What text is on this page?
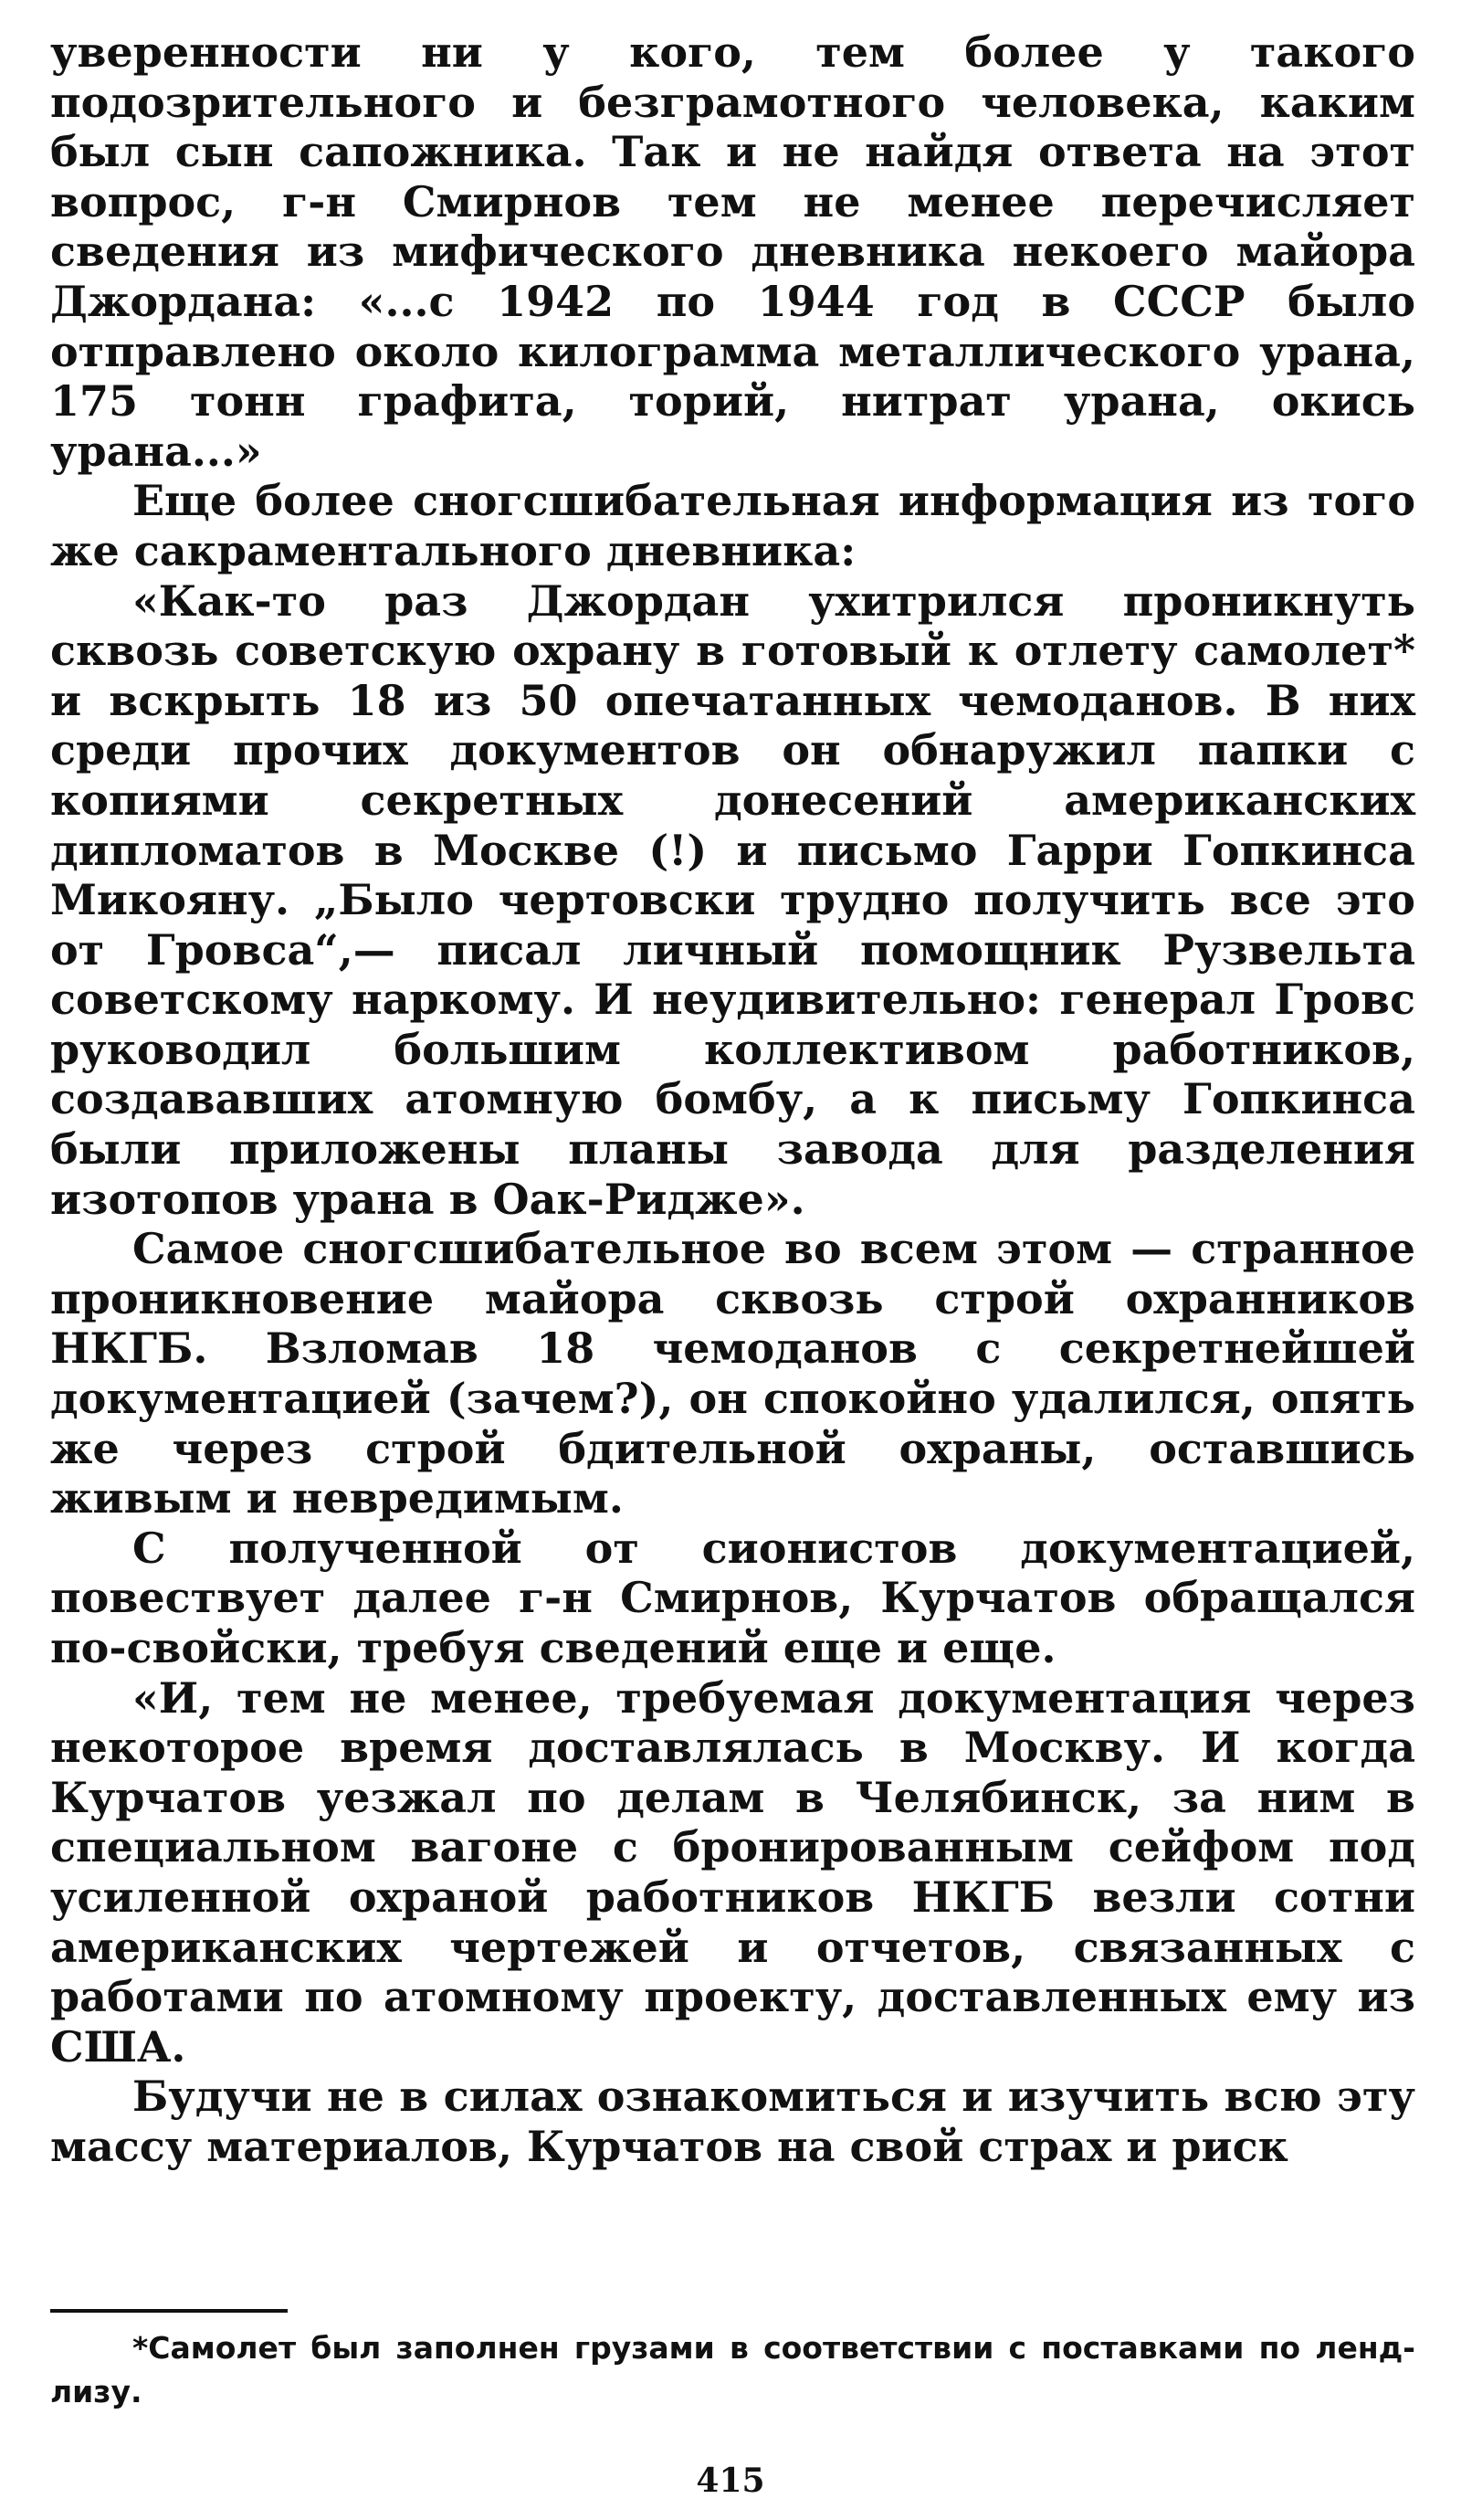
уверенности ни у кого, тем более у такого подозрительного и безграмотного человека, каким был сын сапожника. Так и не найдя ответа на этот вопрос, г-н Смирнов тем не менее перечисляет сведения из мифического дневника некоего майора Джордана: «...с 1942 по 1944 год в СССР было отправлено около килограмма металлического урана, 175 тонн графита, торий, нитрат урана, окись урана...»

Еще более сногсшибательная информация из того же сакраментального дневника:

«Как-то раз Джордан ухитрился проникнуть сквозь советскую охрану в готовый к отлету самолет* и вскрыть 18 из 50 опечатанных чемоданов. В них среди прочих документов он обнаружил папки с копиями секретных донесений американских дипломатов в Москве (!) и письмо Гарри Гопкинса Микояну. „Было чертовски трудно получить все это от Гровса“,— писал личный помощник Рузвельта советскому наркому. И неудивительно: генерал Гровс руководил большим коллективом работников, создававших атомную бомбу, а к письму Гопкинса были приложены планы завода для разделения изотопов урана в Оак-Ридже».

Самое сногсшибательное во всем этом — странное проникновение майора сквозь строй охранников НКГБ. Взломав 18 чемоданов с секретнейшей документацией (зачем?), он спокойно удалился, опять же через строй бдительной охраны, оставшись живым и невредимым.

С полученной от сионистов документацией, повествует далее г-н Смирнов, Курчатов обращался по-свойски, требуя сведений еще и еще.

«И, тем не менее, требуемая документация через некоторое время доставлялась в Москву. И когда Курчатов уезжал по делам в Челябинск, за ним в специальном вагоне с бронированным сейфом под усиленной охраной работников НКГБ везли сотни американских чертежей и отчетов, связанных с работами по атомному проекту, доставленных ему из США.

Будучи не в силах ознакомиться и изучить всю эту массу материалов, Курчатов на свой страх и риск

*Самолет был заполнен грузами в соответствии с поставками по ленд-лизу.

415
